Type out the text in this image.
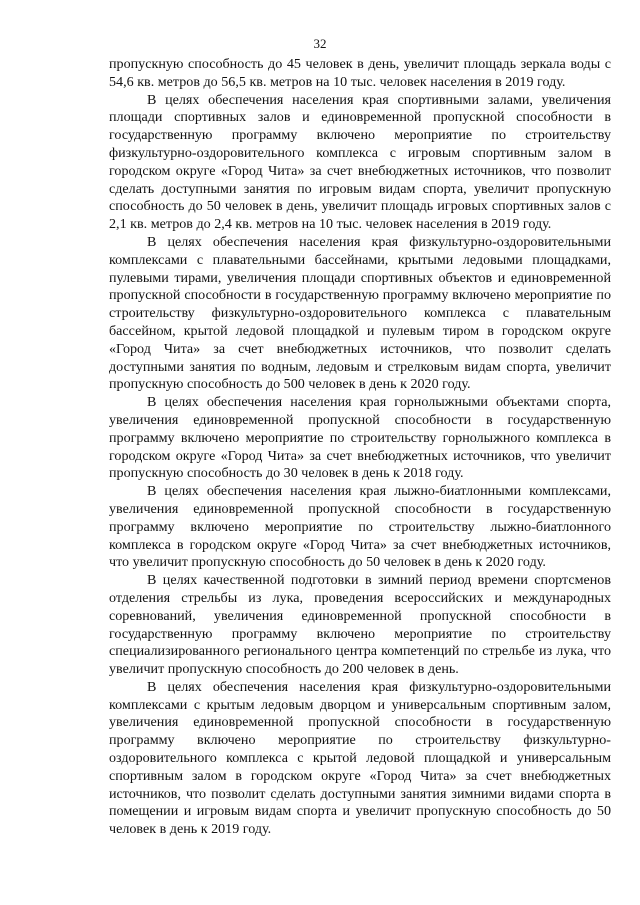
32

пропускную способность до 45 человек в день, увеличит площадь зеркала воды с 54,6 кв. метров до 56,5 кв. метров на 10 тыс. человек населения в 2019 году.

В целях обеспечения населения края спортивными залами, увеличения площади спортивных залов и единовременной пропускной способности в государственную программу включено мероприятие по строительству физкультурно-оздоровительного комплекса с игровым спортивным залом в городском округе «Город Чита» за счет внебюджетных источников, что позволит сделать доступными занятия по игровым видам спорта, увеличит пропускную способность до 50 человек в день, увеличит площадь игровых спортивных залов с 2,1 кв. метров до 2,4 кв. метров на 10 тыс. человек населения в 2019 году.

В целях обеспечения населения края физкультурно-оздоровительными комплексами с плавательными бассейнами, крытыми ледовыми площадками, пулевыми тирами, увеличения площади спортивных объектов и единовременной пропускной способности в государственную программу включено мероприятие по строительству физкультурно-оздоровительного комплекса с плавательным бассейном, крытой ледовой площадкой и пулевым тиром в городском округе «Город Чита» за счет внебюджетных источников, что позволит сделать доступными занятия по водным, ледовым и стрелковым видам спорта, увеличит пропускную способность до 500 человек в день к 2020 году.

В целях обеспечения населения края горнолыжными объектами спорта, увеличения единовременной пропускной способности в государственную программу включено мероприятие по строительству горнолыжного комплекса в городском округе «Город Чита» за счет внебюджетных источников, что увеличит пропускную способность до 30 человек в день к 2018 году.

В целях обеспечения населения края лыжно-биатлонными комплексами, увеличения единовременной пропускной способности в государственную программу включено мероприятие по строительству лыжно-биатлонного комплекса в городском округе «Город Чита» за счет внебюджетных источников, что увеличит пропускную способность до 50 человек в день к 2020 году.

В целях качественной подготовки в зимний период времени спортсменов отделения стрельбы из лука, проведения всероссийских и международных соревнований, увеличения единовременной пропускной способности в государственную программу включено мероприятие по строительству специализированного регионального центра компетенций по стрельбе из лука, что увеличит пропускную способность до 200 человек в день.

В целях обеспечения населения края физкультурно-оздоровительными комплексами с крытым ледовым дворцом и универсальным спортивным залом, увеличения единовременной пропускной способности в государственную программу включено мероприятие по строительству физкультурно-оздоровительного комплекса с крытой ледовой площадкой и универсальным спортивным залом в городском округе «Город Чита» за счет внебюджетных источников, что позволит сделать доступными занятия зимними видами спорта в помещении и игровым видам спорта и увеличит пропускную способность до 50 человек в день к 2019 году.
